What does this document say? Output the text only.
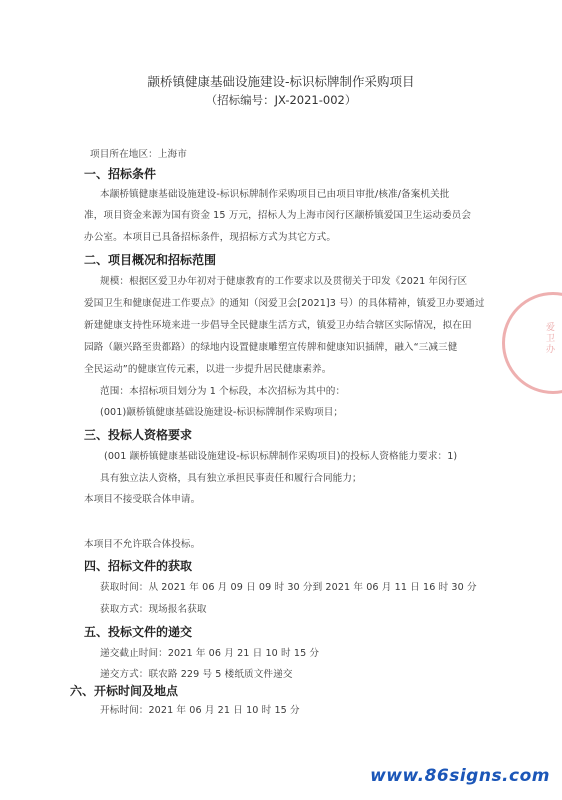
颛桥镇健康基础设施建设-标识标牌制作采购项目
（招标编号：JX-2021-002）
项目所在地区：上海市
一、招标条件
本颛桥镇健康基础设施建设-标识标牌制作采购项目已由项目审批/核准/备案机关批
准，项目资金来源为国有资金 15 万元，招标人为上海市闵行区颛桥镇爱国卫生运动委员会
办公室。本项目已具备招标条件，现招标方式为其它方式。
二、项目概况和招标范围
规模：根据区爱卫办年初对于健康教育的工作要求以及贯彻关于印发《2021 年闵行区
爱国卫生和健康促进工作要点》的通知（闵爱卫会[2021]3 号）的具体精神，镇爱卫办要通过
新建健康支持性环境来进一步倡导全民健康生活方式，镇爱卫办结合辖区实际情况，拟在田
园路（颛兴路至贵都路）的绿地内设置健康雕塑宣传牌和健康知识插牌，融入“三减三健
全民运动”的健康宣传元素，以进一步提升居民健康素养。
范围：本招标项目划分为 1 个标段，本次招标为其中的：
(001)颛桥镇健康基础设施建设-标识标牌制作采购项目；
三、投标人资格要求
(001 颛桥镇健康基础设施建设-标识标牌制作采购项目)的投标人资格能力要求：1)
具有独立法人资格，具有独立承担民事责任和履行合同能力；
本项目不接受联合体申请。
本项目不允许联合体投标。
四、招标文件的获取
获取时间：从 2021 年 06 月 09 日 09 时 30 分到 2021 年 06 月 11 日 16 时 30 分
获取方式：现场报名获取
五、投标文件的递交
递交截止时间：2021 年 06 月 21 日 10 时 15 分
递交方式：联农路 229 号 5 楼纸质文件递交
六、开标时间及地点
开标时间：2021 年 06 月 21 日 10 时 15 分
爱卫办
www.86signs.com
